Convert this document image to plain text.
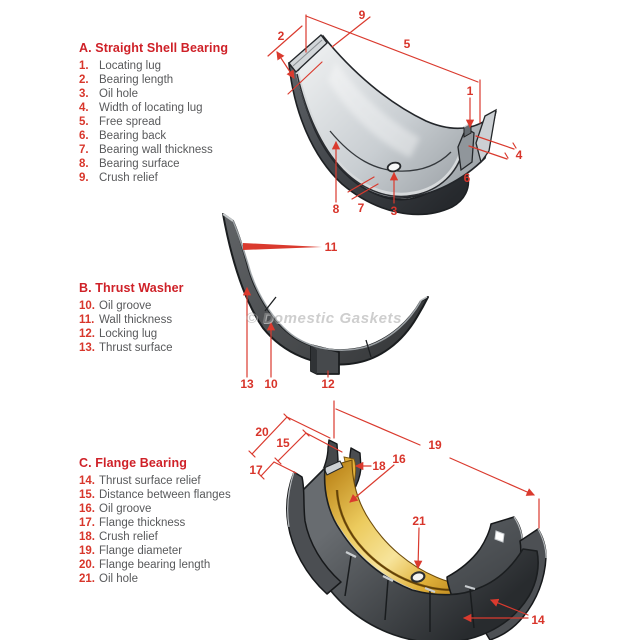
A. Straight Shell Bearing
1. Locating lug
2. Bearing length
3. Oil hole
4. Width of locating lug
5. Free spread
6. Bearing back
7. Bearing wall thickness
8. Bearing surface
9. Crush relief
B. Thrust Washer
10. Oil groove
11. Wall thickness
12. Locking lug
13. Thrust surface
C. Flange Bearing
14. Thrust surface relief
15. Distance between flanges
16. Oil groove
17. Flange thickness
18. Crush relief
19. Flange diameter
20. Flange bearing length
21. Oil hole
9
2
5
1
4
6
8 7 3
11
13 10	12
20
15
17	18 16
19
21
14
© Domestic Gaskets
